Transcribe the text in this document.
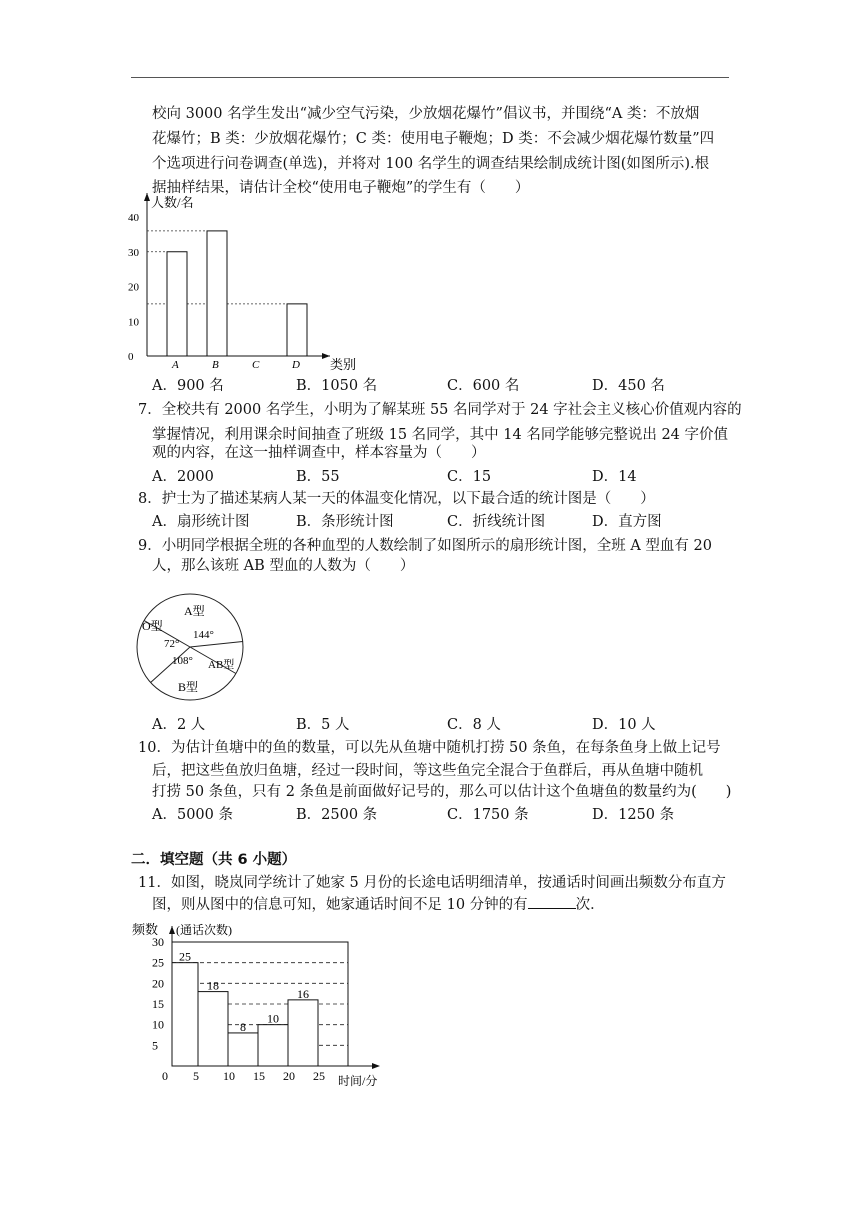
校向 3000 名学生发出“减少空气污染，少放烟花爆竹”倡议书，并围绕“A 类：不放烟
花爆竹；B 类：少放烟花爆竹；C 类：使用电子鞭炮；D 类：不会减少烟花爆竹数量”四
个选项进行问卷调查(单选)，并将对 100 名学生的调查结果绘制成统计图(如图所示).根
据抽样结果，请估计全校“使用电子鞭炮”的学生有（　　）
0
10
20
30
40
A	B	C	D
人数/名
类别
A．900 名	B．1050 名	C．600 名	D．450 名
7．全校共有 2000 名学生，小明为了解某班 55 名同学对于 24 字社会主义核心价值观内容的
掌握情况，利用课余时间抽查了班级 15 名同学，其中 14 名同学能够完整说出 24 字价值
观的内容，在这一抽样调查中，样本容量为（　　）
A．2000	B．55	C．15	D．14
8．护士为了描述某病人某一天的体温变化情况，以下最合适的统计图是（　　）
A．扇形统计图	B．条形统计图	C．折线统计图	D．直方图
9．小明同学根据全班的各种血型的人数绘制了如图所示的扇形统计图，全班 A 型血有 20
人，那么该班 AB 型血的人数为（　　）
A型
O型
AB型
B型
144°
72°
108°
A．2 人	B．5 人	C．8 人	D．10 人
10．为估计鱼塘中的鱼的数量，可以先从鱼塘中随机打捞 50 条鱼，在每条鱼身上做上记号
后，把这些鱼放归鱼塘，经过一段时间，等这些鱼完全混合于鱼群后，再从鱼塘中随机
打捞 50 条鱼，只有 2 条鱼是前面做好记号的，那么可以估计这个鱼塘鱼的数量约为(　　)
A．5000 条	B．2500 条	C．1750 条	D．1250 条
二．填空题（共 6 小题）
11．如图，晓岚同学统计了她家 5 月份的长途电话明细清单，按通话时间画出频数分布直方
图，则从图中的信息可知，她家通话时间不足 10 分钟的有	次．
25
18
8
10
16
5
10
15
20
25
30
0 5 10 15 20 25
频数 (通话次数)
时间/分
